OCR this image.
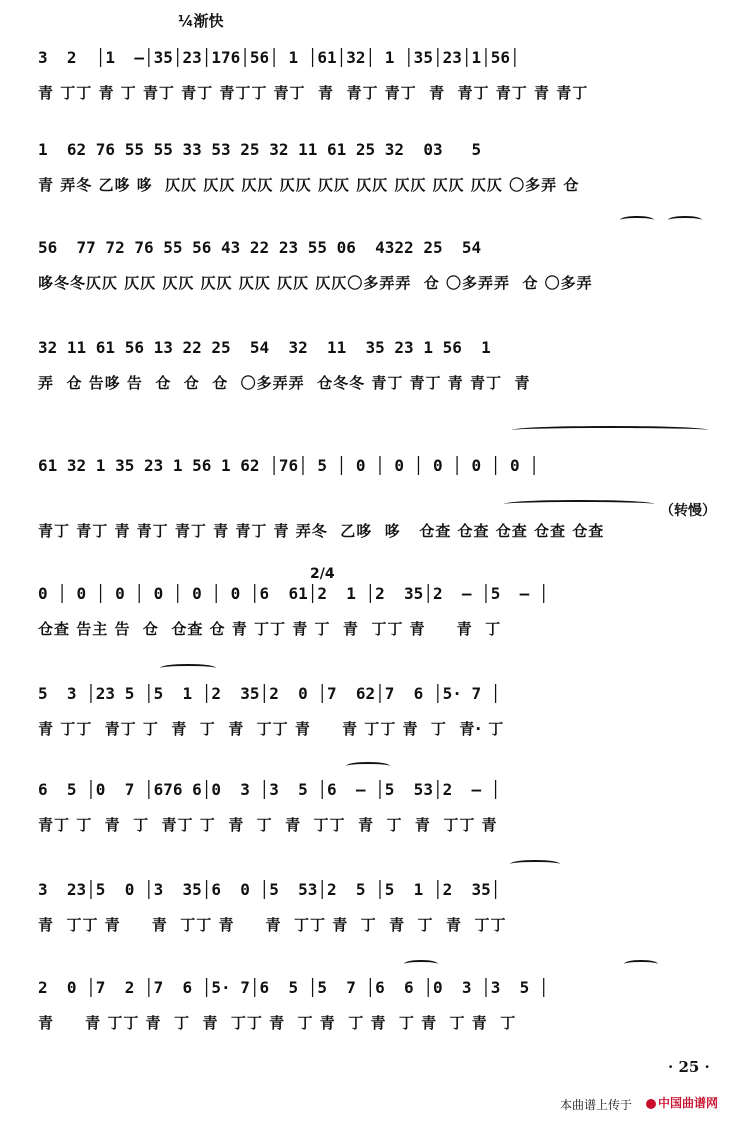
¼渐快
3  2  │1  —│35│23│176│56│ 1 │61│32│ 1 │35│23│1│56│
青 丁丁 青 丁 青丁 青丁 青丁丁 青丁  青  青丁 青丁  青  青丁 青丁 青 青丁
1  62 76 55 55 33 53 25 32 11 61 25 32  03   5
青 弄冬 乙哆 哆  仄仄 仄仄 仄仄 仄仄 仄仄 仄仄 仄仄 仄仄 仄仄 〇多弄 仓
56  77 72 76 55 56 43 22 23 55 06  4322 25  54
哆冬冬仄仄 仄仄 仄仄 仄仄 仄仄 仄仄 仄仄〇多弄弄  仓 〇多弄弄  仓 〇多弄
32 11 61 56 13 22 25  54  32  11  35 23 1 56  1
弄  仓 告哆 告  仓  仓  仓  〇多弄弄  仓冬冬 青丁 青丁 青 青丁  青
61 32 1 35 23 1 56 1 62 │76│ 5 │ 0 │ 0 │ 0 │ 0 │ 0 │
青丁 青丁 青 青丁 青丁 青 青丁 青 弄冬  乙哆  哆   仓查 仓查 仓查 仓查 仓查
（转慢）
2/4
0 │ 0 │ 0 │ 0 │ 0 │ 0 │6  61│2  1 │2  35│2  — │5  — │
仓查 告主 告  仓  仓查 仓 青 丁丁 青 丁  青  丁丁 青     青  丁
5  3 │23 5 │5  1 │2  35│2  0 │7  62│7  6 │5· 7 │
青 丁丁  青丁 丁  青  丁  青  丁丁 青     青 丁丁 青  丁  青· 丁
6  5 │0  7 │676 6│0  3 │3  5 │6  — │5  53│2  — │
青丁 丁  青  丁  青丁 丁  青  丁  青  丁丁  青  丁  青  丁丁 青
3  23│5  0 │3  35│6  0 │5  53│2  5 │5  1 │2  35│
青  丁丁 青     青  丁丁 青     青  丁丁 青  丁  青  丁  青  丁丁
2  0 │7  2 │7  6 │5· 7│6  5 │5  7 │6  6 │0  3 │3  5 │
青     青 丁丁 青  丁  青  丁丁 青  丁 青  丁 青  丁 青  丁 青  丁
· 25 ·
本曲谱上传于	中国曲谱网
